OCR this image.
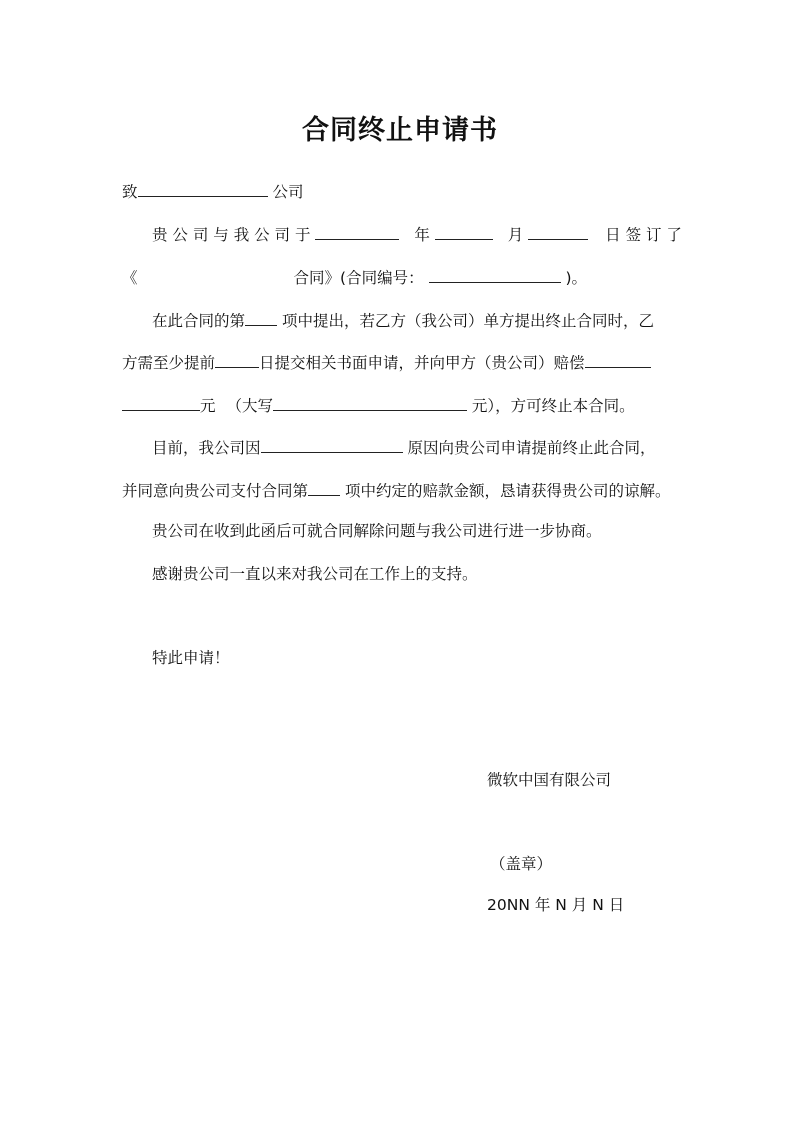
合同终止申请书
致	公司
贵 公 司 与 我 公 司 于	年	月	日 签 订 了
《	合同》(合同编号：	)。
在此合同的第 项中提出，若乙方（我公司）单方提出终止合同时，乙
方需至少提前	日提交相关书面申请，并向甲方（贵公司）赔偿
元 （大写	元），方可终止本合同。
目前，我公司因	原因向贵公司申请提前终止此合同，
并同意向贵公司支付合同第 项中约定的赔款金额，恳请获得贵公司的谅解。
贵公司在收到此函后可就合同解除问题与我公司进行进一步协商。
感谢贵公司一直以来对我公司在工作上的支持。
特此申请！
微软中国有限公司
（盖章）
20NN 年 N 月 N 日
